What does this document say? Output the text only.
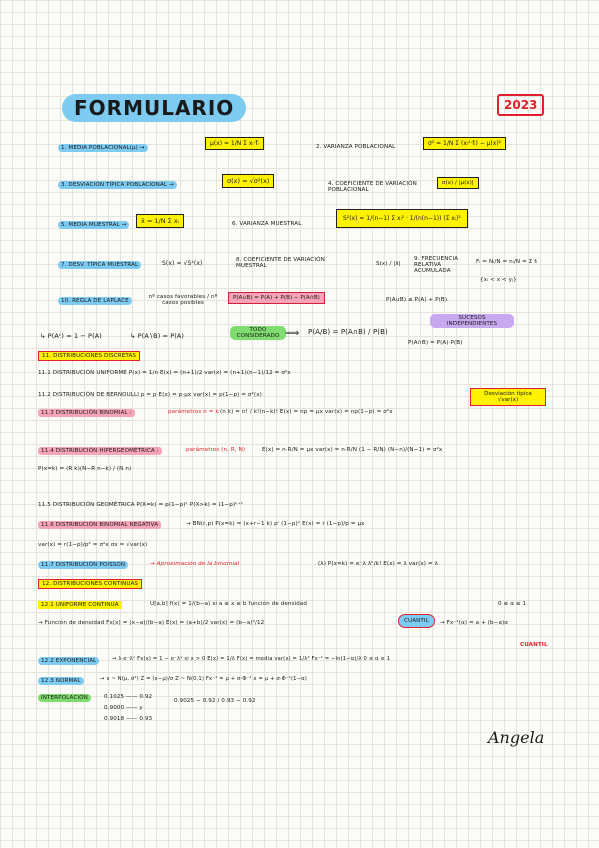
FORMULARIO	2023
1. MEDIA POBLACIONAL(μ) →
μ(x) = 1/N Σ xᵢ·fᵢ	2. VARIANZA POBLACIONAL	σ² = 1/N Σ (xᵢ²·fᵢ) − μ(x)²
3. DESVIACIÓN TÍPICA POBLACIONAL →	σ(x) = √σ²(x)	4. COEFICIENTE DE VARIACIÓN POBLACIONAL
σ(x) / |μ(x)|
5. MEDIA MUESTRAL →	x̄ = 1/N Σ xᵢ	6. VARIANZA MUESTRAL
S²(x) = 1/(n−1) Σ xᵢ² · 1/(n(n−1)) (Σ xᵢ)²
7. DESV. TÍPICA MUESTRAL	S(x) = √S²(x)	8. COEFICIENTE DE VARIACIÓN MUESTRAL	S(x) / |x̄|
9. FRECUENCIA RELATIVA ACUMULADA
Fᵢ = Nᵢ/N = nᵢ/N = Σ fᵢ
{xᵢ < x < yⱼ}
10. REGLA DE LAPLACE
nº casos favorables / nº casos posibles
P(A∪B) = P(A) + P(B) − P(A∩B)	P(A∪B) ≤ P(A) + P(B)
↳ P(Aᶜ) = 1 − P(A)	↳ P(A∖B) = P(A)
TODO CONSIDERADO ⟹ P(A/B) = P(A∩B) / P(B)
SUCESOS INDEPENDIENTES
P(A∩B) = P(A)·P(B)
11. DISTRIBUCIONES DISCRETAS
11.1 DISTRIBUCIÓN UNIFORME P(x) = 1/n E(x) = (n+1)/2 var(x) = (n+1)(n−1)/12 = σ²x
11.2 DISTRIBUCIÓN DE BERNOULLI p = p E(x) = p·μx var(x) = p(1−p) = σ²(x)
11.3 DISTRIBUCIÓN BINOMIAL :	parámetros n = k (n k) = n! / k!(n−k)! E(x) = np = μx var(x) = np(1−p) = σ²x
Desviación típica √var(x)
11.4 DISTRIBUCIÓN HIPERGEOMÉTRICA :	parámetros (n, R, N)	E(x) = n·R/N = μx var(x) = n·R/N (1 − R/N) (N−n)/(N−1) = σ²x
P(x=k) = (R k)(N−R n−k) / (N n)
11.5 DISTRIBUCIÓN GEOMÉTRICA P(X=k) = p(1−p)ᵏ P(X>k) = (1−p)ᵏ⁺¹
11.6 DISTRIBUCIÓN BINOMIAL NEGATIVA	→ BN(r,p) P(x=k) = (x+r−1 k) pʳ (1−p)ᵏ E(x) = r (1−p)/p = μx
var(x) = r(1−p)/p² = σ²x σx = √var(x)
11.7 DISTRIBUCIÓN POISSON	→ Aproximación de la binomial	(λ) P(x=k) = e⁻λ λᵏ/k! E(x) = λ var(x) = λ
12. DISTRIBUCIONES CONTINUAS
12.1 UNIFORME CONTINUA	U[a,b] f(x) = 1/(b−a) si a ≤ x ≤ b función de densidad	0 ≤ α ≤ 1
→ Función de densidad Fx(x) = (x−a)/(b−a) E(x) = (a+b)/2 var(x) = (b−a)²/12	CUANTIL	→ Fx⁻¹(α) = a + (b−a)α
CUANTIL
12.2 EXPONENCIAL	→ λ·e⁻λˣ Fx(x) = 1 − e⁻λˣ si x > 0 E(x) = 1/λ F(x) = media var(x) = 1/λ² Fx⁻¹ = −ln(1−α)/λ 0 ≤ α ≤ 1
12.3 NORMAL	→ x ~ N(μ, σ²) Z = (x−μ)/σ Z ~ N(0,1) Fx⁻¹ = μ + σ·Φ⁻¹ x = μ + σ·Φ⁻¹(1−α)
INTERPOLACIÓN	0.1025 —— 0.92
0.9000 —— y
0.9018 —— 0.93
0.9025 − 0.92 / 0.93 − 0.92
Angela
